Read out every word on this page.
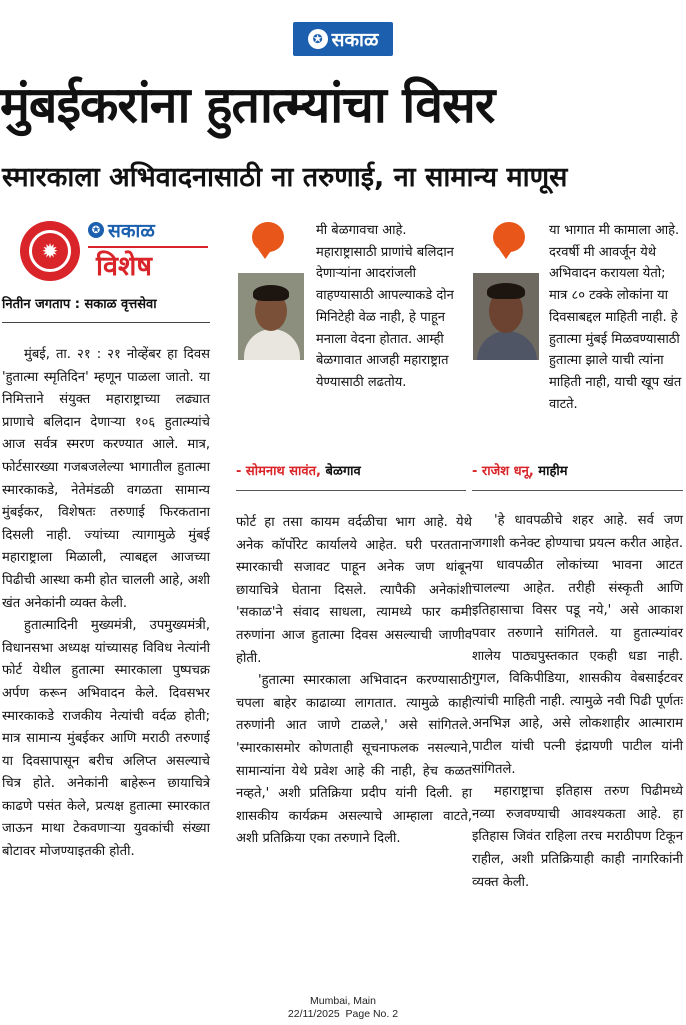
✪ सकाळ
मुंबईकरांना हुतात्म्यांचा विसर
स्मारकाला अभिवादनासाठी ना तरुणाई, ना सामान्य माणूस
✹
✪ सकाळ
विशेष
नितीन जगताप : सकाळ वृत्तसेवा

मुंबई, ता. २१ : २१ नोव्हेंबर हा दिवस 'हुतात्मा स्मृतिदिन' म्हणून पाळला जातो. या निमित्ताने संयुक्त महाराष्ट्राच्या लढ्यात प्राणाचे बलिदान देणाऱ्या १०६ हुतात्म्यांचे आज सर्वत्र स्मरण करण्यात आले. मात्र, फोर्टसारख्या गजबजलेल्या भागातील हुतात्मा स्मारकाकडे, नेतेमंडळी वगळता सामान्य मुंबईकर, विशेषतः तरुणाई फिरकताना दिसली नाही. ज्यांच्या त्यागामुळे मुंबई महाराष्ट्राला मिळाली, त्याबद्दल आजच्या पिढीची आस्था कमी होत चालली आहे, अशी खंत अनेकांनी व्यक्त केली.

हुतात्मादिनी मुख्यमंत्री, उपमुख्यमंत्री, विधानसभा अध्यक्ष यांच्यासह विविध नेत्यांनी फोर्ट येथील हुतात्मा स्मारकाला पुष्पचक्र अर्पण करून अभिवादन केले. दिवसभर स्मारकाकडे राजकीय नेत्यांची वर्दळ होती; मात्र सामान्य मुंबईकर आणि मराठी तरुणाई या दिवसापासून बरीच अलिप्त असल्याचे चित्र होते. अनेकांनी बाहेरून छायाचित्रे काढणे पसंत केले, प्रत्यक्ष हुतात्मा स्मारकात जाऊन माथा टेकवणाऱ्या युवकांची संख्या बोटावर मोजण्याइतकी होती.

मी बेळगावचा आहे. महाराष्ट्रासाठी प्राणांचे बलिदान देणाऱ्यांना आदरांजली वाहण्यासाठी आपल्याकडे दोन मिनिटेही वेळ नाही, हे पाहून मनाला वेदना होतात. आम्ही बेळगावात आजही महाराष्ट्रात येण्यासाठी लढतोय.
- सोमनाथ सावंत, बेळगाव

फोर्ट हा तसा कायम वर्दळीचा भाग आहे. येथे अनेक कॉर्पोरेट कार्यालये आहेत. घरी परतताना स्मारकाची सजावट पाहून अनेक जण थांबून छायाचित्रे घेताना दिसले. त्यापैकी अनेकांशी 'सकाळ'ने संवाद साधला, त्यामध्ये फार कमी तरुणांना आज हुतात्मा दिवस असल्याची जाणीव होती.

'हुतात्मा स्मारकाला अभिवादन करण्यासाठी चपला बाहेर काढाव्या लागतात. त्यामुळे काही तरुणांनी आत जाणे टाळले,' असे सांगितले. 'स्मारकासमोर कोणताही सूचनाफलक नसल्याने, सामान्यांना येथे प्रवेश आहे की नाही, हेच कळत नव्हते,' अशी प्रतिक्रिया प्रदीप यांनी दिली. हा शासकीय कार्यक्रम असल्याचे आम्हाला वाटते, अशी प्रतिक्रिया एका तरुणाने दिली.

या भागात मी कामाला आहे. दरवर्षी मी आवर्जून येथे अभिवादन करायला येतो; मात्र ८० टक्के लोकांना या दिवसाबद्दल माहिती नाही. हे हुतात्मा मुंबई मिळवण्यासाठी हुतात्मा झाले याची त्यांना माहिती नाही, याची खूप खंत वाटते.
- राजेश धनू, माहीम

'हे धावपळीचे शहर आहे. सर्व जण जगाशी कनेक्ट होण्याचा प्रयत्न करीत आहेत. या धावपळीत लोकांच्या भावना आटत चालल्या आहेत. तरीही संस्कृती आणि इतिहासाचा विसर पडू नये,' असे आकाश पवार तरुणाने सांगितले. या हुतात्म्यांवर शालेय पाठ्यपुस्तकात एकही धडा नाही. गुगल, विकिपीडिया, शासकीय वेबसाईटवर त्यांची माहिती नाही. त्यामुळे नवी पिढी पूर्णतः अनभिज्ञ आहे, असे लोकशाहीर आत्माराम पाटील यांची पत्नी इंद्रायणी पाटील यांनी सांगितले.

महाराष्ट्राचा इतिहास तरुण पिढीमध्ये नव्या रुजवण्याची आवश्यकता आहे. हा इतिहास जिवंत राहिला तरच मराठीपण टिकून राहील, अशी प्रतिक्रियाही काही नागरिकांनी व्यक्त केली.

Mumbai, Main
22/11/2025  Page No. 2
